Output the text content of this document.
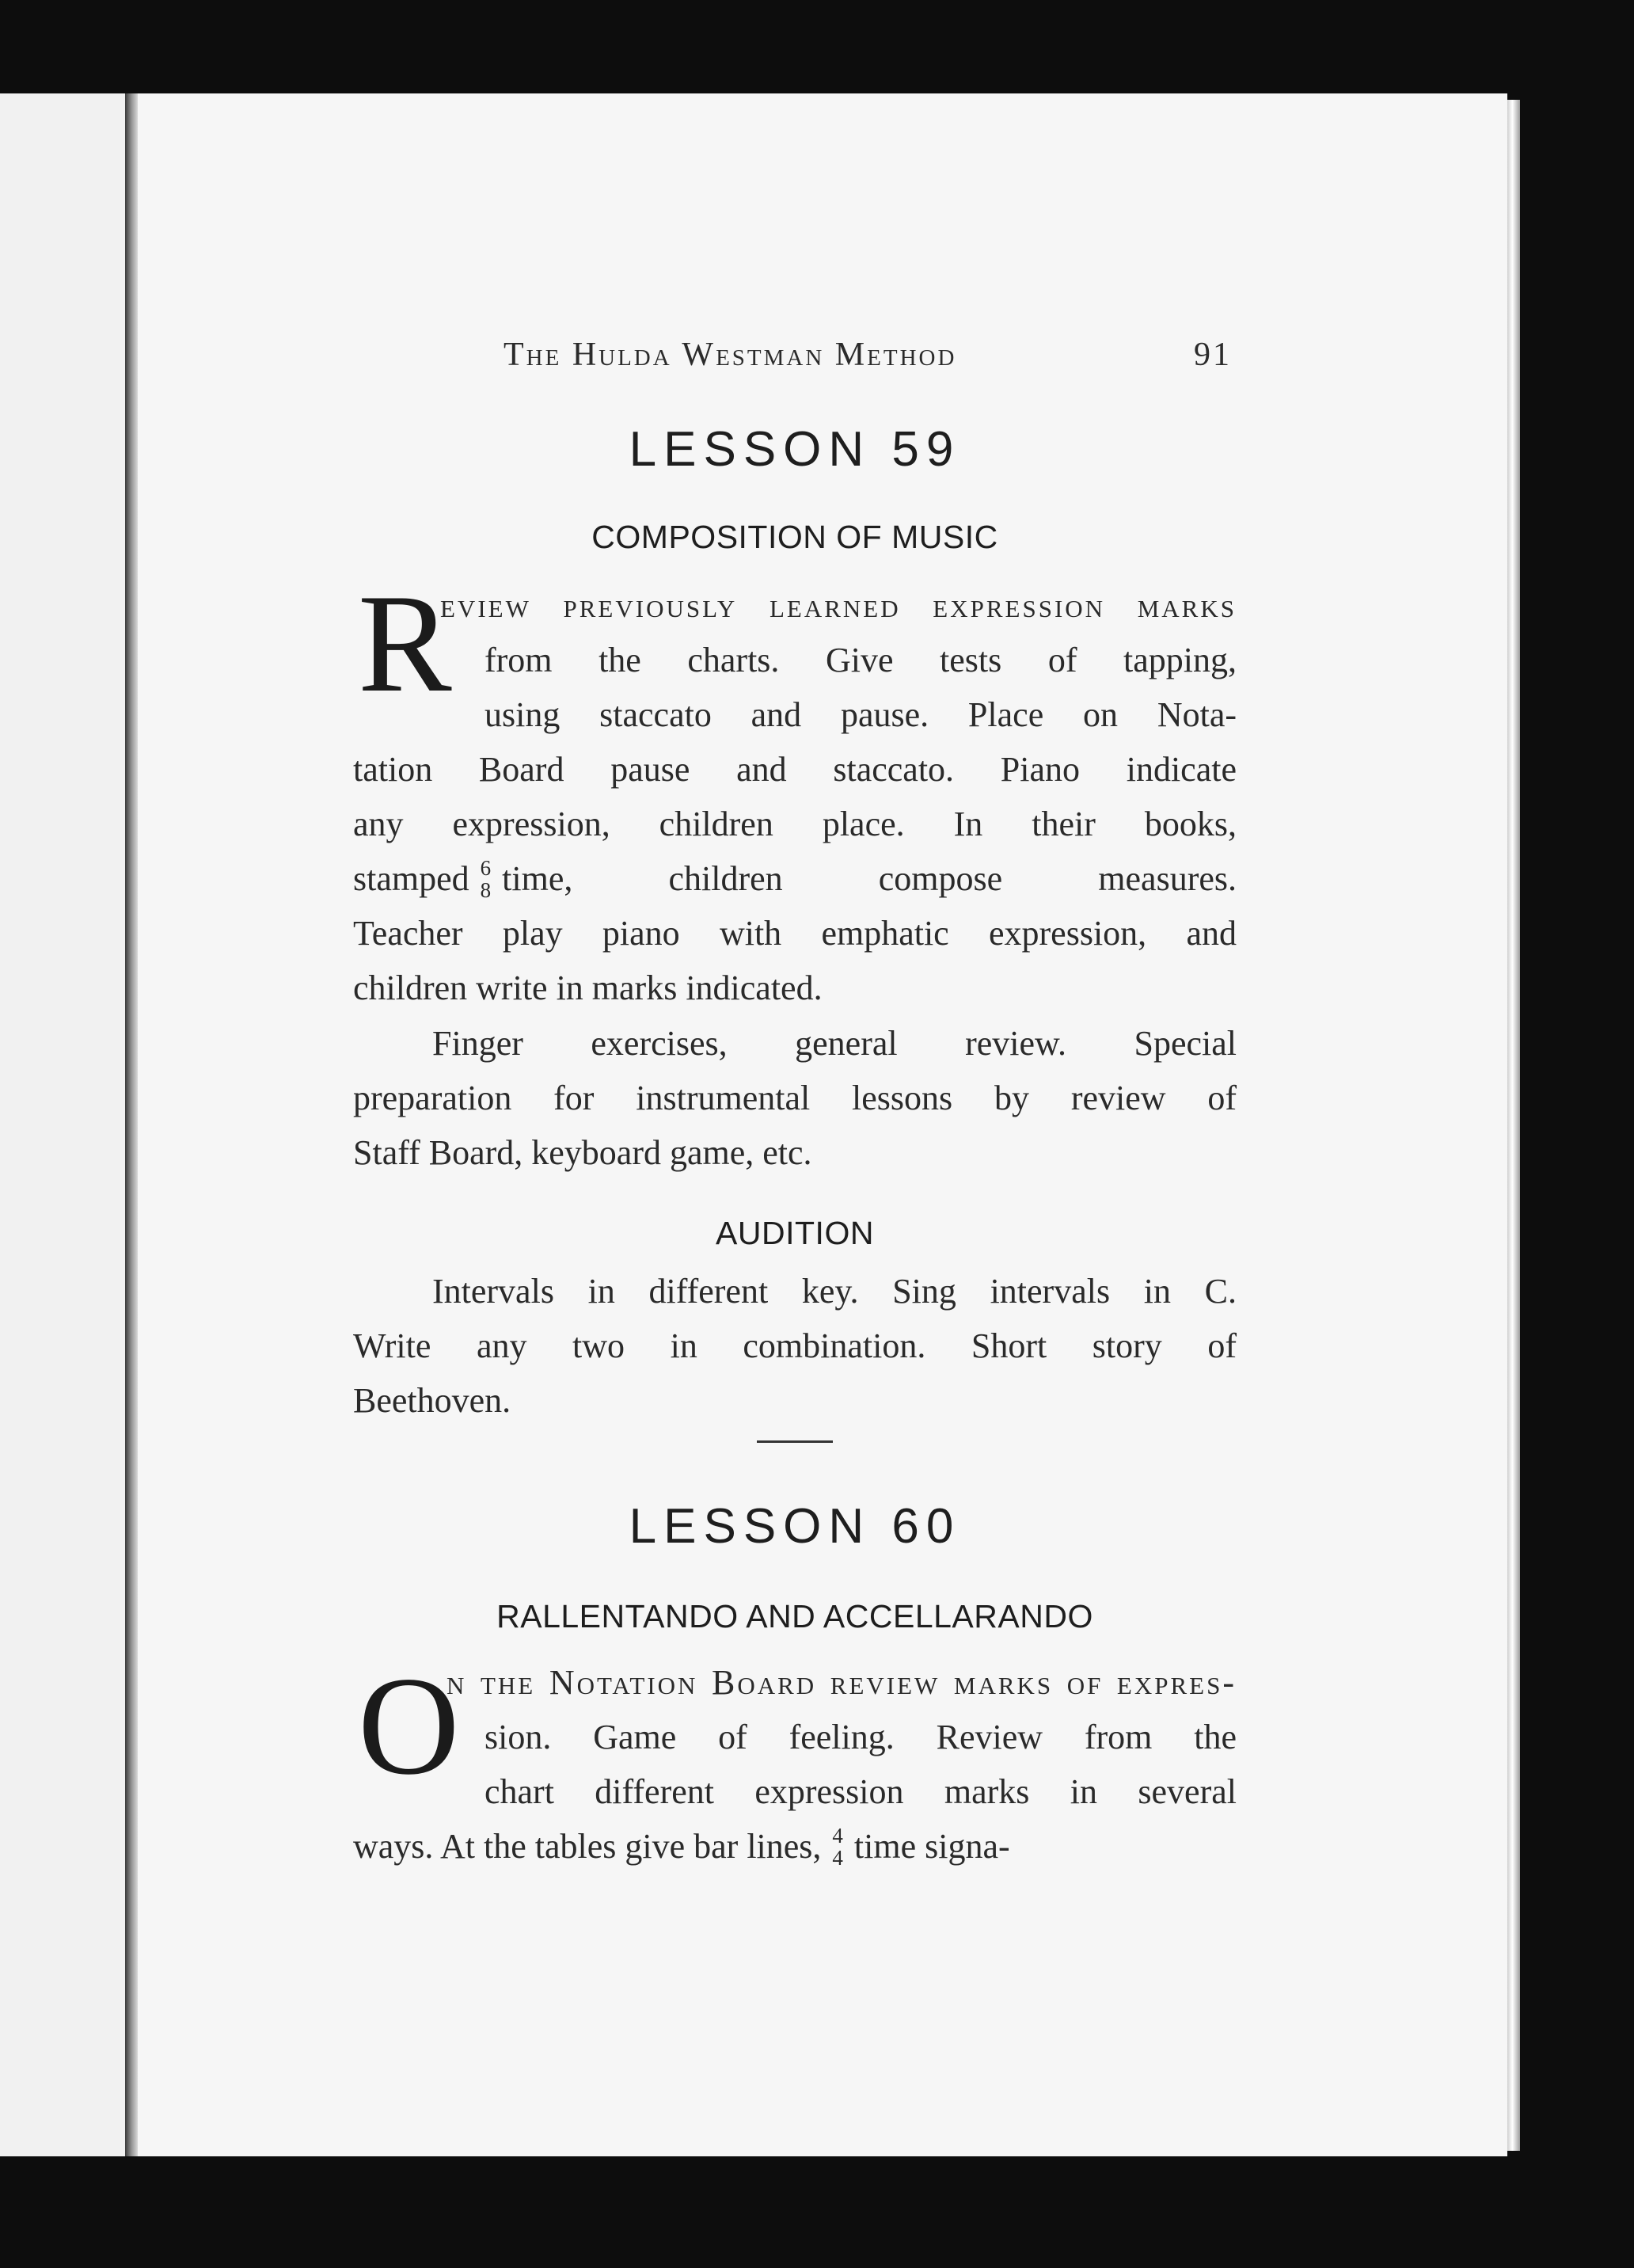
The Hulda Westman Method	91
LESSON 59
COMPOSITION OF MUSIC
R
eview previously learned expression marks
from the charts. Give tests of tapping,
using staccato and pause. Place on Nota-
tation Board pause and staccato. Piano indicate
any expression, children place. In their books,
stamped 6
8 time, children compose measures.
Teacher play piano with emphatic expression, and
children write in marks indicated.
Finger exercises, general review. Special
preparation for instrumental lessons by review of
Staff Board, keyboard game, etc.
AUDITION
Intervals in different key. Sing intervals in C.
Write any two in combination. Short story of
Beethoven.
LESSON 60
RALLENTANDO AND ACCELLARANDO
O
n the Notation Board review marks of expres-
sion. Game of feeling. Review from the
chart different expression marks in several
ways. At the tables give bar lines, 4
4 time signa-
